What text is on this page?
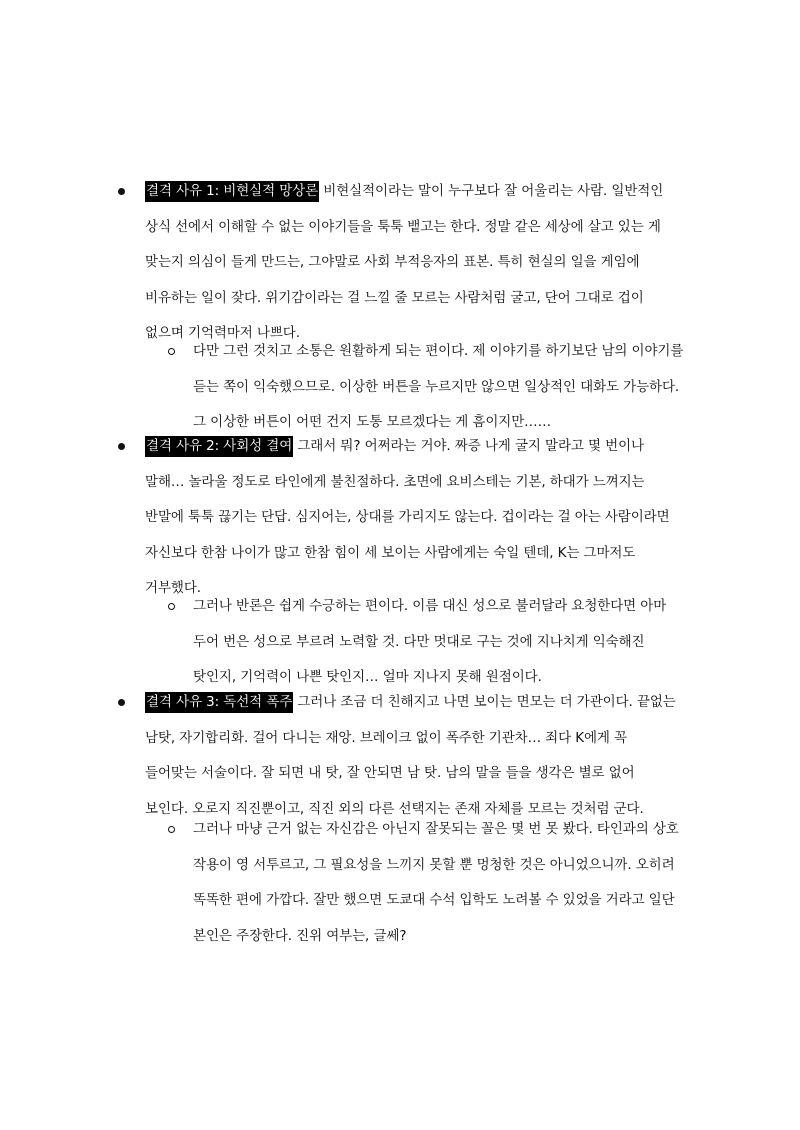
결격 사유 1: 비현실적 망상론 비현실적이라는 말이 누구보다 잘 어울리는 사람. 일반적인
상식 선에서 이해할 수 없는 이야기들을 툭툭 뱉고는 한다. 정말 같은 세상에 살고 있는 게
맞는지 의심이 들게 만드는, 그야말로 사회 부적응자의 표본. 특히 현실의 일을 게임에
비유하는 일이 잦다. 위기감이라는 걸 느낄 줄 모르는 사람처럼 굴고, 단어 그대로 겁이
없으며 기억력마저 나쁘다.
다만 그런 것치고 소통은 원활하게 되는 편이다. 제 이야기를 하기보단 남의 이야기를
듣는 쪽이 익숙했으므로. 이상한 버튼을 누르지만 않으면 일상적인 대화도 가능하다.
그 이상한 버튼이 어떤 건지 도통 모르겠다는 게 흠이지만……
결격 사유 2: 사회성 결여 그래서 뭐? 어쩌라는 거야. 짜증 나게 굴지 말라고 몇 번이나
말해… 놀라울 정도로 타인에게 불친절하다. 초면에 요비스테는 기본, 하대가 느껴지는
반말에 툭툭 끊기는 단답. 심지어는, 상대를 가리지도 않는다. 겁이라는 걸 아는 사람이라면
자신보다 한참 나이가 많고 한참 힘이 세 보이는 사람에게는 숙일 텐데, K는 그마저도
거부했다.
그러나 반론은 쉽게 수긍하는 편이다. 이름 대신 성으로 불러달라 요청한다면 아마
두어 번은 성으로 부르려 노력할 것. 다만 멋대로 구는 것에 지나치게 익숙해진
탓인지, 기억력이 나쁜 탓인지… 얼마 지나지 못해 원점이다.
결격 사유 3: 독선적 폭주 그러나 조금 더 친해지고 나면 보이는 면모는 더 가관이다. 끝없는
남탓, 자기합리화. 걸어 다니는 재앙. 브레이크 없이 폭주한 기관차… 죄다 K에게 꼭
들어맞는 서술이다. 잘 되면 내 탓, 잘 안되면 남 탓. 남의 말을 들을 생각은 별로 없어
보인다. 오로지 직진뿐이고, 직진 외의 다른 선택지는 존재 자체를 모르는 것처럼 군다.
그러나 마냥 근거 없는 자신감은 아닌지 잘못되는 꼴은 몇 번 못 봤다. 타인과의 상호
작용이 영 서투르고, 그 필요성을 느끼지 못할 뿐 멍청한 것은 아니었으니까. 오히려
똑똑한 편에 가깝다. 잘만 했으면 도쿄대 수석 입학도 노려볼 수 있었을 거라고 일단
본인은 주장한다. 진위 여부는, 글쎄?
